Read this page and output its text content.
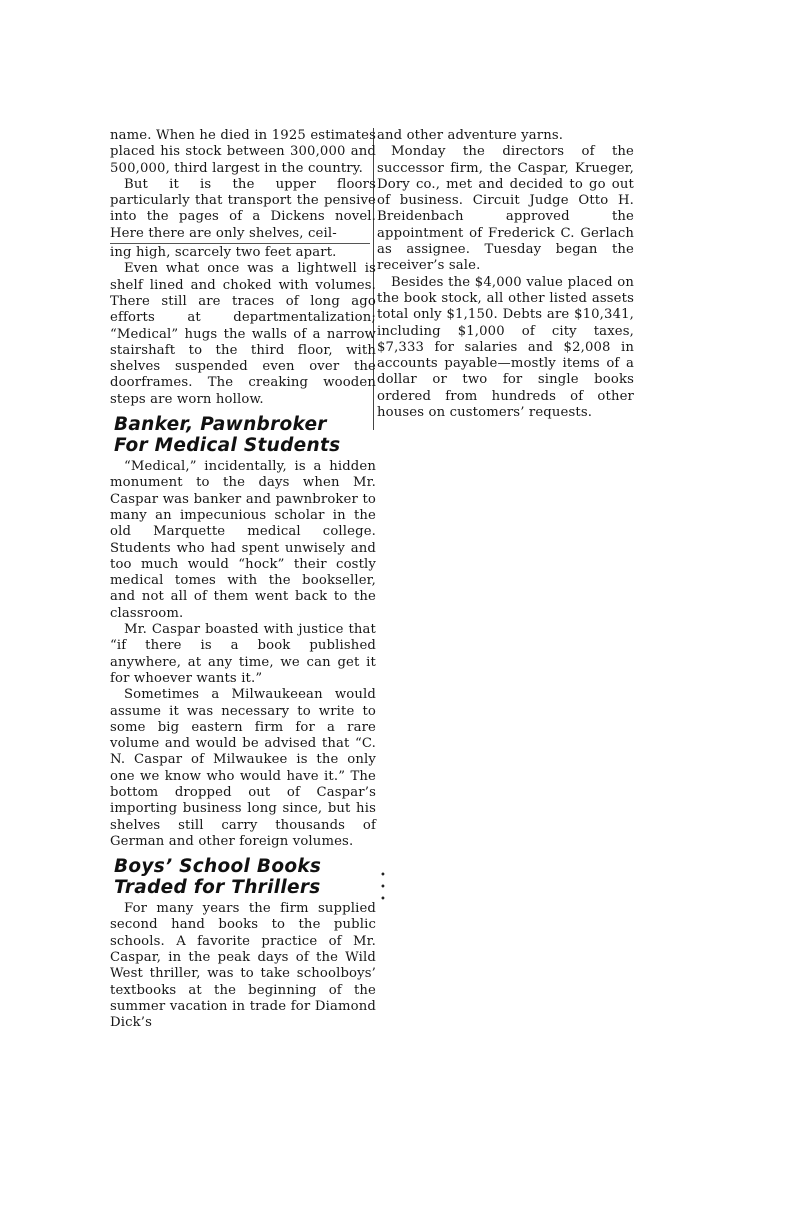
name. When he died in 1925 estimates placed his stock between 300,000 and 500,000, third largest in the country.

But it is the upper floors particularly that transport the pensive into the pages of a Dickens novel. Here there are only shelves, ceil-

ing high, scarcely two feet apart.

Even what once was a lightwell is shelf lined and choked with volumes. There still are traces of long ago efforts at departmentalization; “Medical” hugs the walls of a narrow stairshaft to the third floor, with shelves suspended even over the doorframes. The creaking wooden steps are worn hollow.

Banker, Pawnbroker
For Medical Students

“Medical,” incidentally, is a hidden monument to the days when Mr. Caspar was banker and pawnbroker to many an impecunious scholar in the old Marquette medical college. Students who had spent unwisely and too much would “hock” their costly medical tomes with the bookseller, and not all of them went back to the classroom.

Mr. Caspar boasted with justice that “if there is a book published anywhere, at any time, we can get it for whoever wants it.”

Sometimes a Milwaukeean would assume it was necessary to write to some big eastern firm for a rare volume and would be advised that “C. N. Caspar of Milwaukee is the only one we know who would have it.” The bottom dropped out of Caspar’s importing business long since, but his shelves still carry thousands of German and other foreign volumes.

Boys’ School Books
Traded for Thrillers

For many years the firm supplied second hand books to the public schools. A favorite practice of Mr. Caspar, in the peak days of the Wild West thriller, was to take schoolboys’ textbooks at the beginning of the summer vacation in trade for Diamond Dick’s

and other adventure yarns.

Monday the directors of the successor firm, the Caspar, Krueger, Dory co., met and decided to go out of business. Circuit Judge Otto H. Breidenbach approved the appointment of Frederick C. Gerlach as assignee. Tuesday began the receiver’s sale.

Besides the $4,000 value placed on the book stock, all other listed assets total only $1,150. Debts are $10,341, including $1,000 of city taxes, $7,333 for salaries and $2,008 in accounts payable—mostly items of a dollar or two for single books ordered from hundreds of other houses on customers’ requests.

•
•
•
